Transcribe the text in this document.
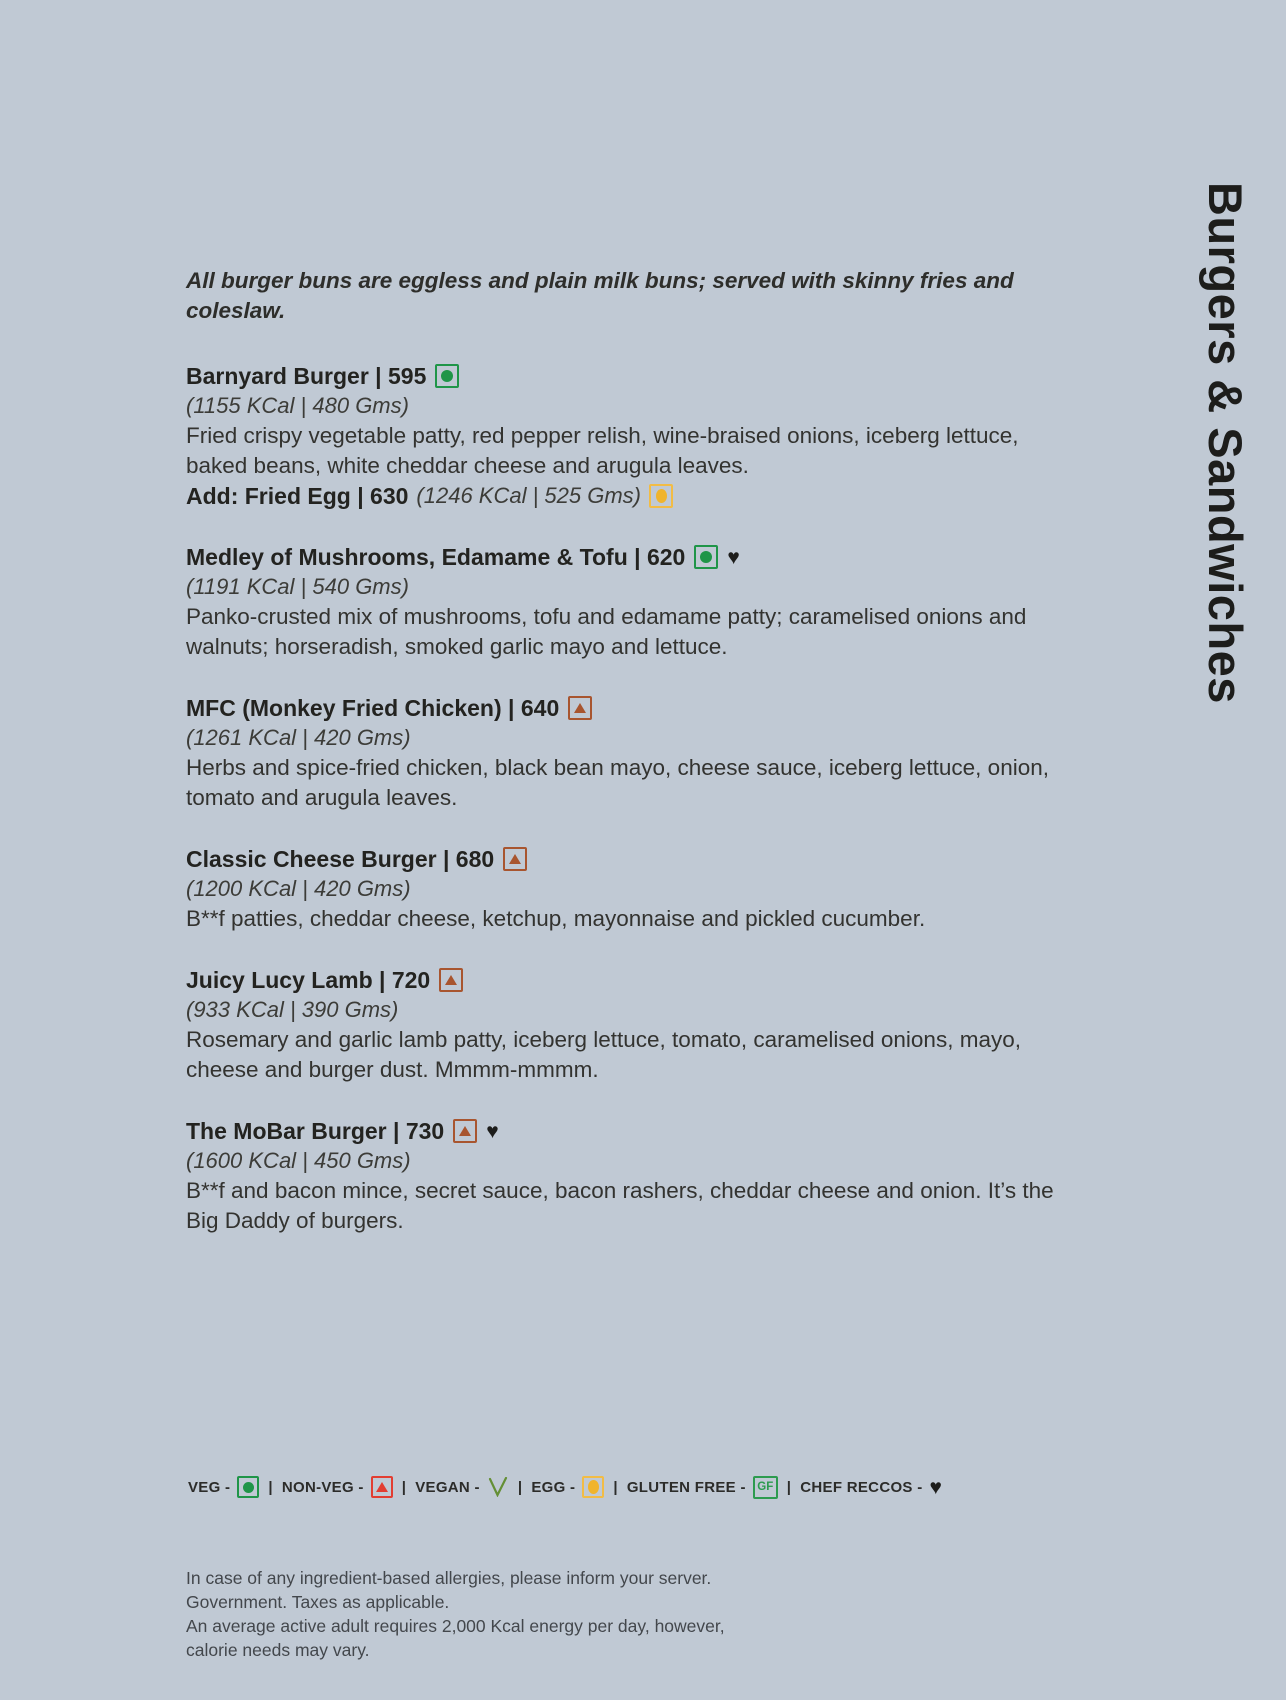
Burgers & Sandwiches

All burger buns are eggless and plain milk buns; served with skinny fries and coleslaw.

Barnyard Burger | 595
(1155 KCal | 480 Gms)
Fried crispy vegetable patty, red pepper relish, wine-braised onions, iceberg lettuce, baked beans, white cheddar cheese and arugula leaves.
Add: Fried Egg | 630 (1246 KCal | 525 Gms)
Medley of Mushrooms, Edamame & Tofu | 620 ♥
(1191 KCal | 540 Gms)
Panko-crusted mix of mushrooms, tofu and edamame patty; caramelised onions and walnuts; horseradish, smoked garlic mayo and lettuce.
MFC (Monkey Fried Chicken) | 640
(1261 KCal | 420 Gms)
Herbs and spice-fried chicken, black bean mayo, cheese sauce, iceberg lettuce, onion, tomato and arugula leaves.
Classic Cheese Burger | 680
(1200 KCal | 420 Gms)
B**f patties, cheddar cheese, ketchup, mayonnaise and pickled cucumber.
Juicy Lucy Lamb | 720
(933 KCal | 390 Gms)
Rosemary and garlic lamb patty, iceberg lettuce, tomato, caramelised onions, mayo, cheese and burger dust. Mmmm-mmmm.
The MoBar Burger | 730 ♥
(1600 KCal | 450 Gms)
B**f and bacon mince, secret sauce, bacon rashers, cheddar cheese and onion. It’s the Big Daddy of burgers.
VEG -	| NON-VEG -	| VEGAN -	| EGG -	| GLUTEN FREE -	GF | CHEF RECCOS - ♥
In case of any ingredient-based allergies, please inform your server.
Government. Taxes as applicable.
An average active adult requires 2,000 Kcal energy per day, however,
calorie needs may vary.
